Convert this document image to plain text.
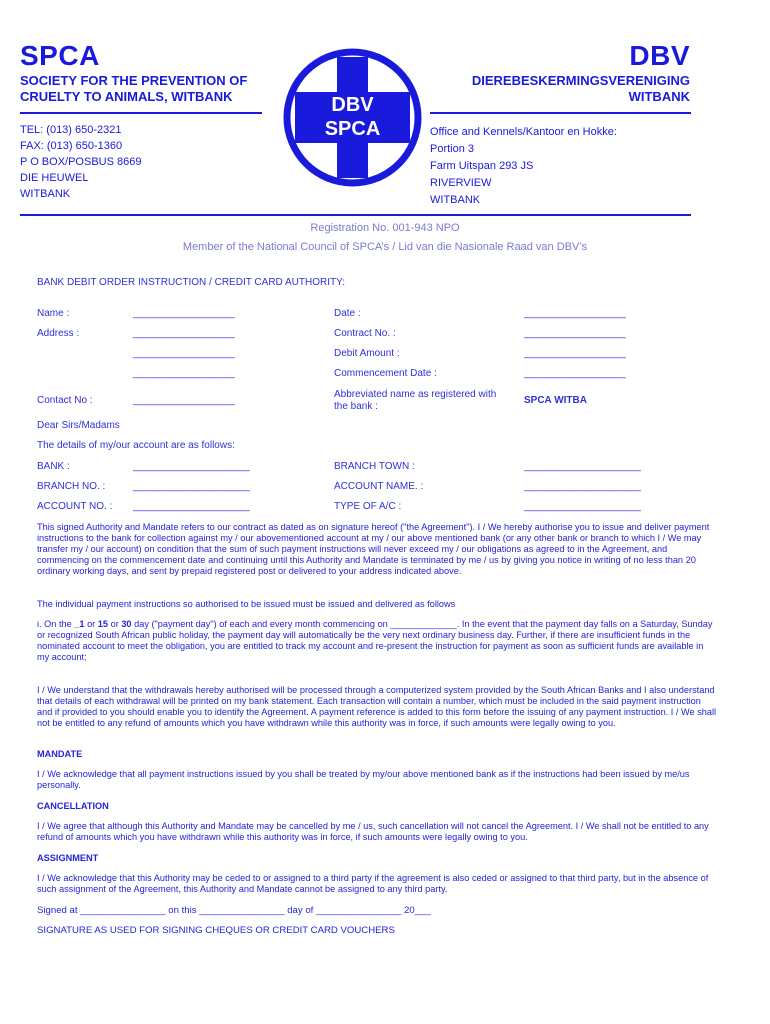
SPCA	DBV
SOCIETY FOR THE PREVENTION OF
CRUELTY TO ANIMALS, WITBANK
DIEREBESKERMINGSVERENIGING
WITBANK
DBV
SPCA
TEL: (013) 650-2321
FAX: (013) 650-1360
P O BOX/POSBUS 8669
DIE HEUWEL
WITBANK
Office and Kennels/Kantoor en Hokke:
Portion 3
Farm Uitspan 293 JS
RIVERVIEW
WITBANK
Registration No. 001-943 NPO
Member of the National Council of SPCA’s / Lid van die Nasionale Raad van DBV’s
BANK DEBIT ORDER INSTRUCTION / CREDIT CARD AUTHORITY:
Name :	____________________	Date :	____________________
Address :	____________________	Contract No. :	____________________
____________________	Debit Amount :	____________________
____________________	Commencement Date :	____________________
Contact No :	____________________
Abbreviated name as registered with
the bank :
SPCA WITBA
Dear Sirs/Madams
The details of my/our account are as follows:
BANK :	_______________________	BRANCH TOWN :	_______________________
BRANCH NO. :	_______________________	ACCOUNT NAME. :	_______________________
ACCOUNT NO. : _______________________	TYPE OF A/C :	_______________________
This signed Authority and Mandate refers to our contract as dated as on signature hereof ("the Agreement"). I / We hereby authorise you to issue and deliver payment instructions to the bank for collection against my / our abovementioned account at my / our above mentioned bank (or any other bank or branch to which I / We may transfer my / our account) on condition that the sum of such payment instructions will never exceed my / our obligations as agreed to in the Agreement, and commencing on the commencement date and continuing until this Authority and Mandate is terminated by me / us by giving you notice in writing of no less than 20 ordinary working days, and sent by prepaid registered post or delivered to your address indicated above.
The individual payment instructions so authorised to be issued must be issued and delivered as follows
i. On the _1 or 15 or 30 day ("payment day") of each and every month commencing on _____________. In the event that the payment day falls on a Saturday, Sunday or recognized South African public holiday, the payment day will automatically be the very next ordinary business day. Further, if there are insufficient funds in the nominated account to meet the obligation, you are entitled to track my account and re-present the instruction for payment as soon as sufficient funds are available in my account;
I / We understand that the withdrawals hereby authorised will be processed through a computerized system provided by the South African Banks and I also understand that details of each withdrawal will be printed on my bank statement. Each transaction will contain a number, which must be included in the said payment instruction and if provided to you should enable you to identify the Agreement. A payment reference is added to this form before the issuing of any payment instruction. I / We shall not be entitled to any refund of amounts which you have withdrawn while this authority was in force, if such amounts were legally owing to you.
MANDATE
I / We acknowledge that all payment instructions issued by you shall be treated by my/our above mentioned bank as if the instructions had been issued by me/us personally.
CANCELLATION
I / We agree that although this Authority and Mandate may be cancelled by me / us, such cancellation will not cancel the Agreement. I / We shall not be entitled to any refund of amounts which you have withdrawn while this authority was in force, if such amounts were legally owing to you.
ASSIGNMENT
I / We acknowledge that this Authority may be ceded to or assigned to a third party if the agreement is also ceded or assigned to that third party, but in the absence of such assignment of the Agreement, this Authority and Mandate cannot be assigned to any third party.
Signed at ________________ on this ________________ day of ________________ 20___
SIGNATURE AS USED FOR SIGNING CHEQUES OR CREDIT CARD VOUCHERS
